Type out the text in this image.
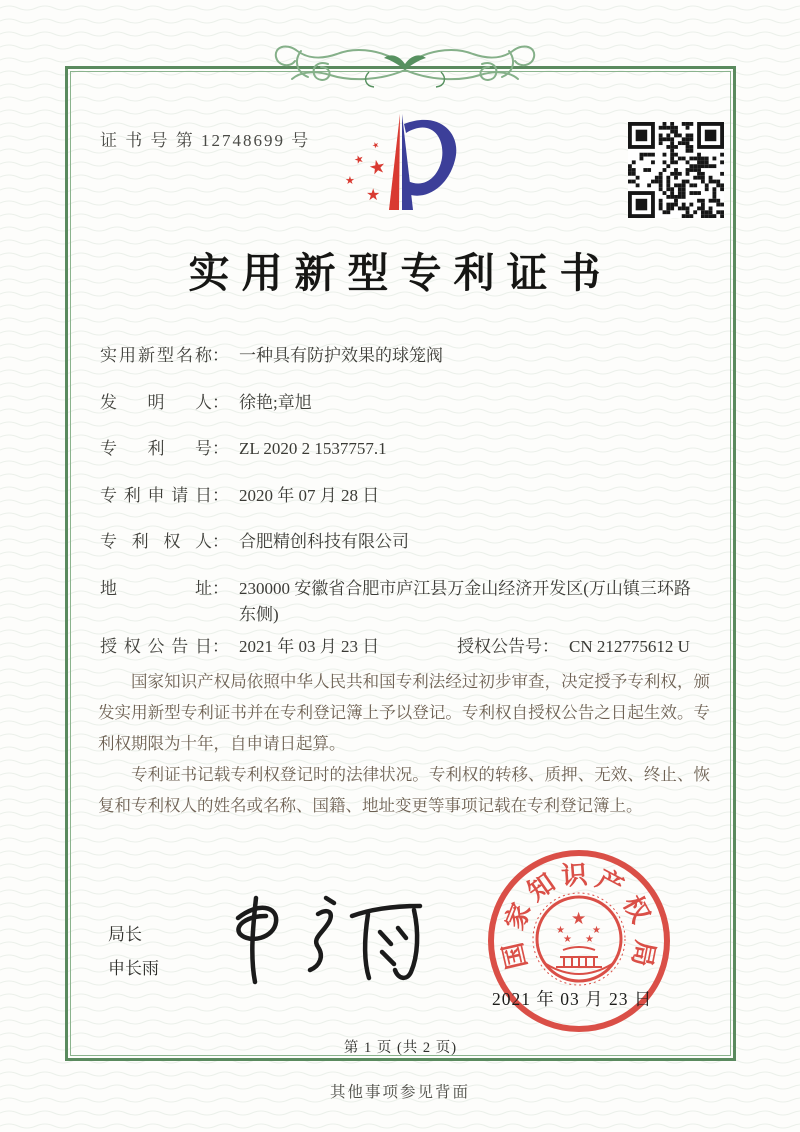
证 书 号 第 12748699 号
★
★
★
★
★
实用新型专利证书
实用新型名称 ： 一种具有防护效果的球笼阀
发明人 ： 徐艳;章旭
专利号 ： ZL 2020 2 1537757.1
专利申请日 ： 2020 年 07 月 28 日
专利权人 ： 合肥精创科技有限公司
地址 ： 230000 安徽省合肥市庐江县万金山经济开发区(万山镇三环路东侧)
授权公告日 ： 2021 年 03 月 23 日	授权公告号 ： CN 212775612 U

国家知识产权局依照中华人民共和国专利法经过初步审查，决定授予专利权，颁发实用新型专利证书并在专利登记簿上予以登记。专利权自授权公告之日起生效。专利权期限为十年，自申请日起算。

专利证书记载专利权登记时的法律状况。专利权的转移、质押、无效、终止、恢复和专利权人的姓名或名称、国籍、地址变更等事项记载在专利登记簿上。

局长
申长雨	国
家
知 识 产
权
局
★
★	★
★ ★
2021 年 03 月 23 日
第 1 页 (共 2 页)
其他事项参见背面
